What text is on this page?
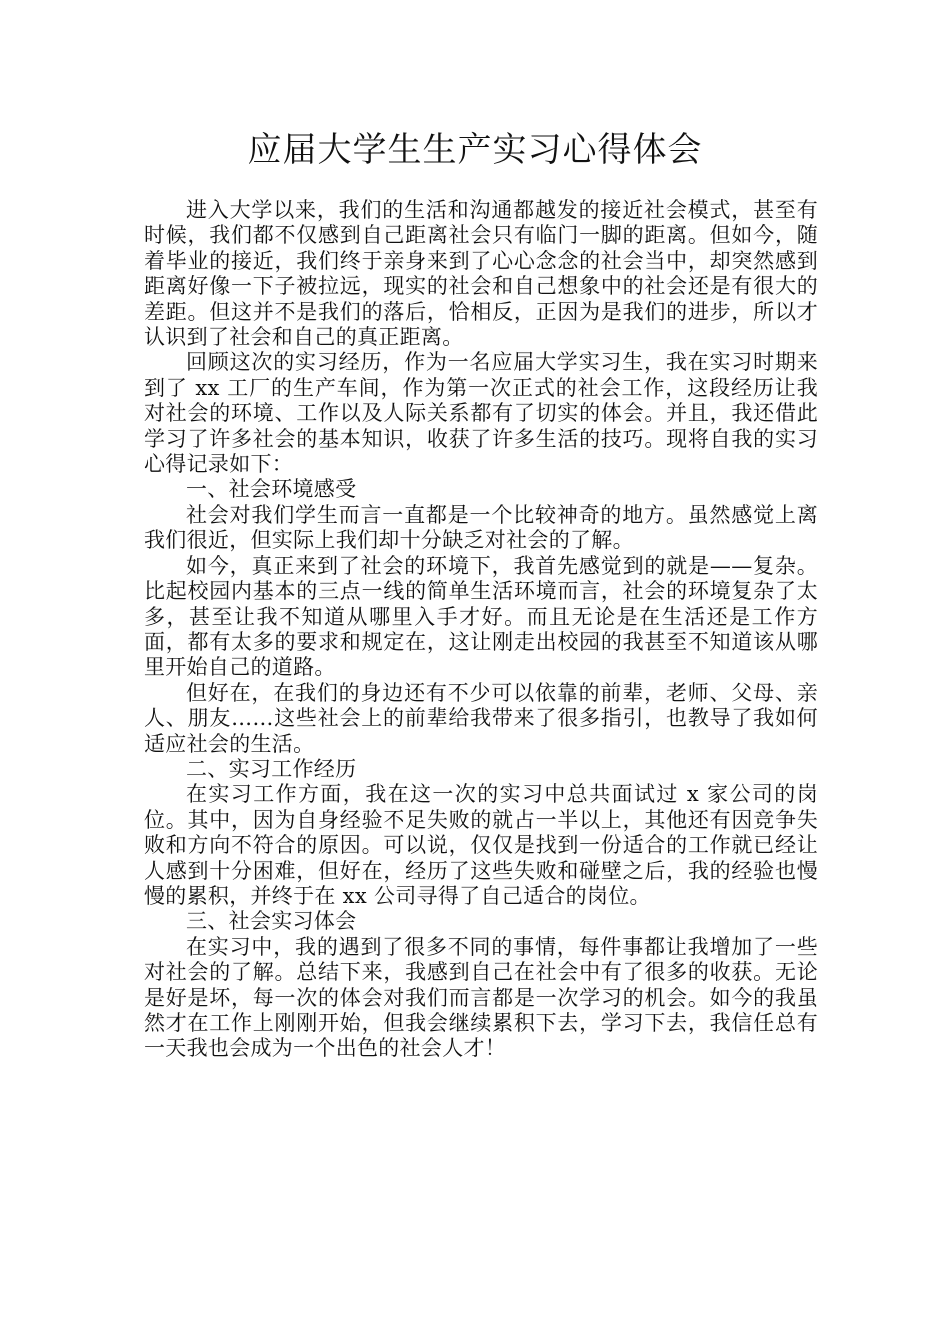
应届大学生生产实习心得体会

进入大学以来，我们的生活和沟通都越发的接近社会模式，甚至有时候，我们都不仅感到自己距离社会只有临门一脚的距离。但如今，随着毕业的接近，我们终于亲身来到了心心念念的社会当中，却突然感到距离好像一下子被拉远，现实的社会和自己想象中的社会还是有很大的差距。但这并不是我们的落后，恰相反，正因为是我们的进步，所以才认识到了社会和自己的真正距离。

回顾这次的实习经历，作为一名应届大学实习生，我在实习时期来到了 xx 工厂的生产车间，作为第一次正式的社会工作，这段经历让我对社会的环境、工作以及人际关系都有了切实的体会。并且，我还借此学习了许多社会的基本知识，收获了许多生活的技巧。现将自我的实习心得记录如下：

一、社会环境感受

社会对我们学生而言一直都是一个比较神奇的地方。虽然感觉上离我们很近，但实际上我们却十分缺乏对社会的了解。

如今，真正来到了社会的环境下，我首先感觉到的就是——复杂。比起校园内基本的三点一线的简单生活环境而言，社会的环境复杂了太多，甚至让我不知道从哪里入手才好。而且无论是在生活还是工作方面，都有太多的要求和规定在，这让刚走出校园的我甚至不知道该从哪里开始自己的道路。

但好在，在我们的身边还有不少可以依靠的前辈，老师、父母、亲人、朋友……这些社会上的前辈给我带来了很多指引，也教导了我如何适应社会的生活。

二、实习工作经历

在实习工作方面，我在这一次的实习中总共面试过 x 家公司的岗位。其中，因为自身经验不足失败的就占一半以上，其他还有因竞争失败和方向不符合的原因。可以说，仅仅是找到一份适合的工作就已经让人感到十分困难，但好在，经历了这些失败和碰壁之后，我的经验也慢慢的累积，并终于在 xx 公司寻得了自己适合的岗位。

三、社会实习体会

在实习中，我的遇到了很多不同的事情，每件事都让我增加了一些对社会的了解。总结下来，我感到自己在社会中有了很多的收获。无论是好是坏，每一次的体会对我们而言都是一次学习的机会。如今的我虽然才在工作上刚刚开始，但我会继续累积下去，学习下去，我信任总有一天我也会成为一个出色的社会人才！
